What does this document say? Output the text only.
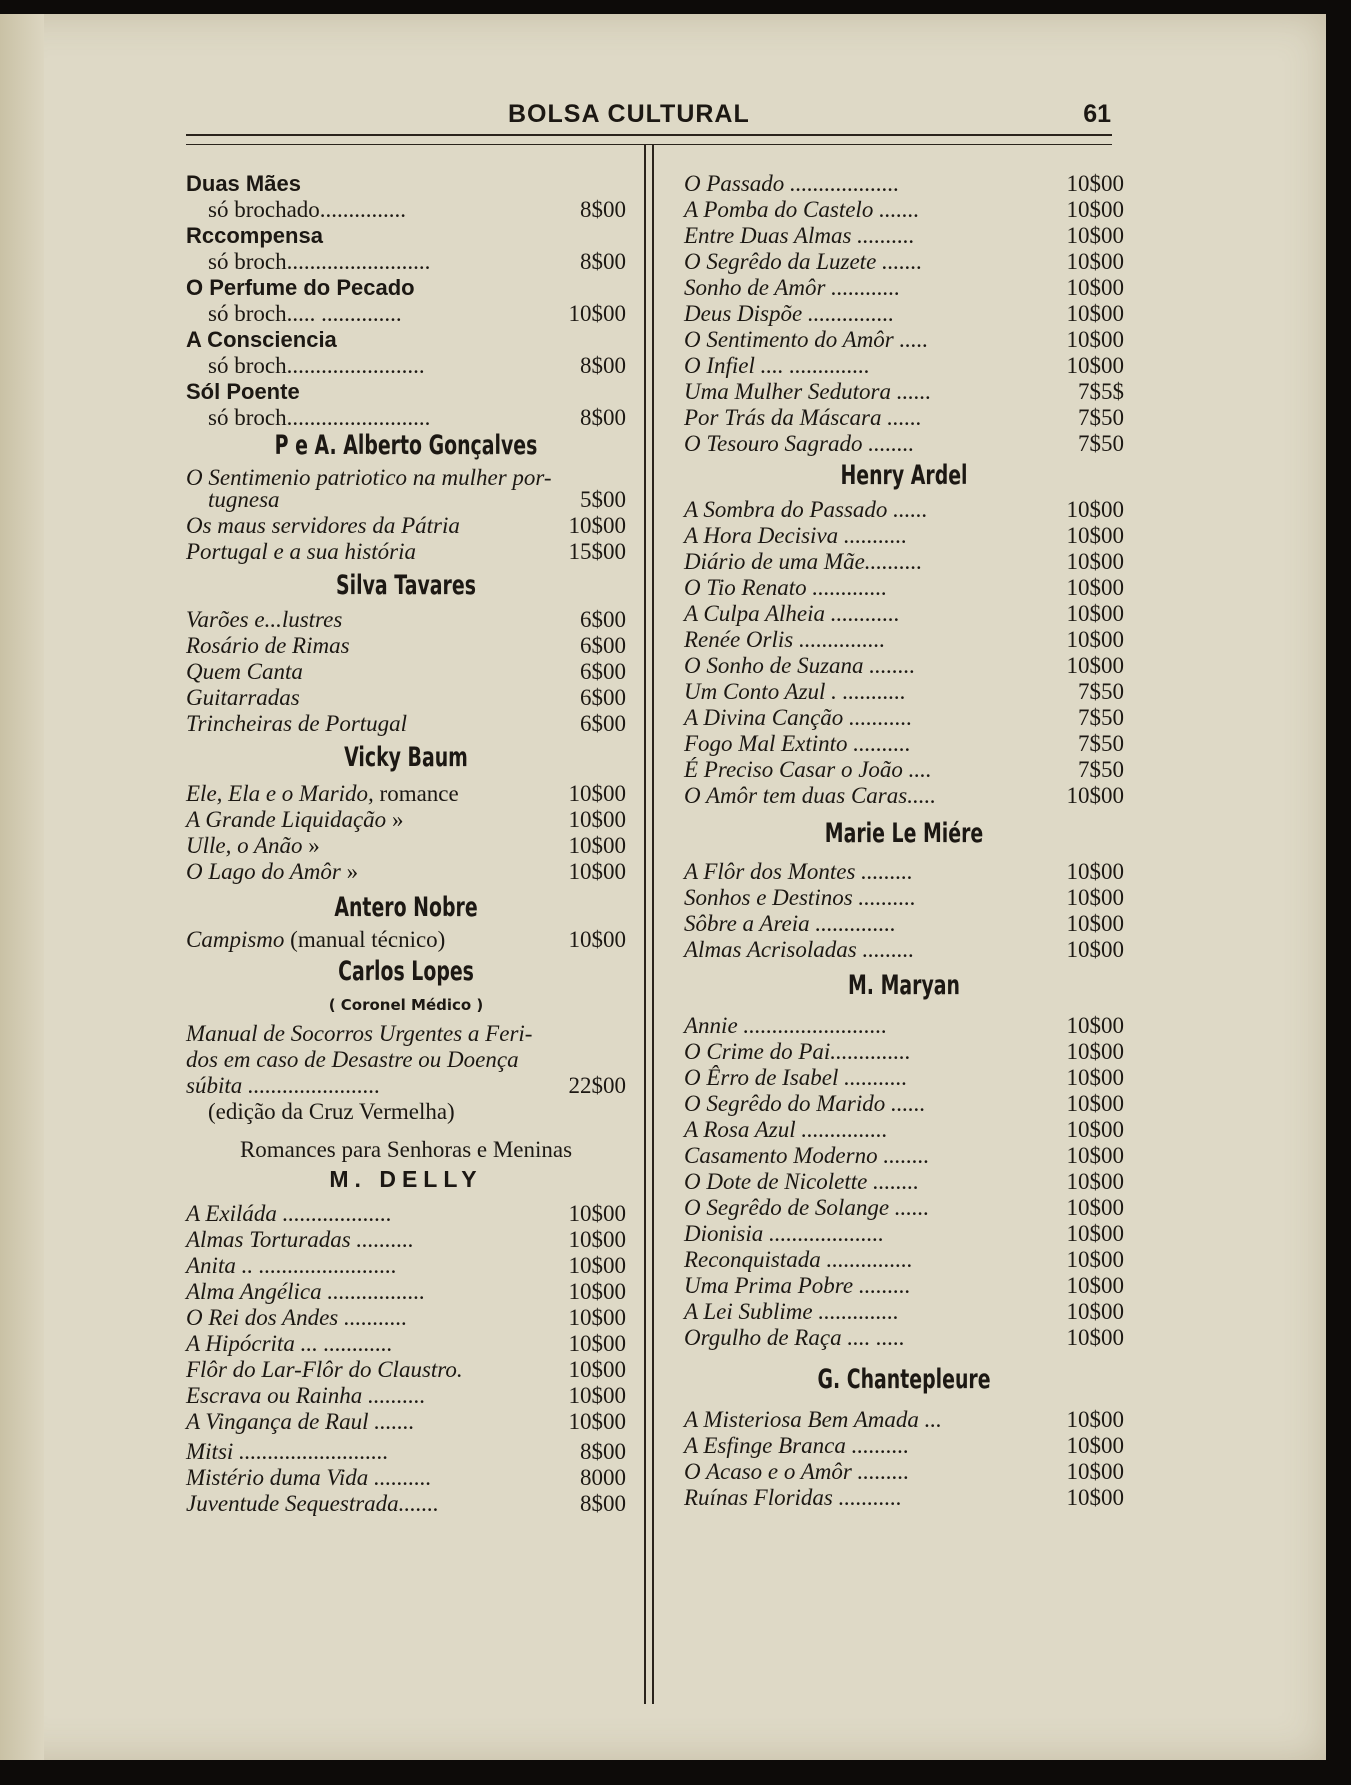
BOLSA CULTURAL	61
Duas Mães
só brochado...............	8$00
Rccompensa
só broch.........................	8$00
O Perfume do Pecado
só broch..... ..............	10$00
A Consciencia
só broch........................	8$00
Sól Poente
só broch.........................	8$00
P e A. Alberto Gonçalves
O Sentimenio patriotico na mulher por-
tugnesa	5$00
Os maus servidores da Pátria	10$00
Portugal e a sua história	15$00
Silva Tavares
Varões e...lustres	6$00
Rosário de Rimas	6$00
Quem Canta	6$00
Guitarradas	6$00
Trincheiras de Portugal	6$00
Vicky Baum
Ele, Ela e o Marido, romance	10$00
A Grande Liquidação »	10$00
Ulle, o Anão »	10$00
O Lago do Amôr »	10$00
Antero Nobre
Campismo (manual técnico)	10$00
Carlos Lopes
( Coronel Médico )
Manual de Socorros Urgentes a Feri-
dos em caso de Desastre ou Doença
súbita .......................	22$00
(edição da Cruz Vermelha)
Romances para Senhoras e Meninas
M. DELLY
A Exiláda ...................	10$00
Almas Torturadas ..........	10$00
Anita .. ........................	10$00
Alma Angélica .................	10$00
O Rei dos Andes ...........	10$00
A Hipócrita ... ............	10$00
Flôr do Lar-Flôr do Claustro.	10$00
Escrava ou Rainha ..........	10$00
A Vingança de Raul .......	10$00
Mitsi ..........................	8$00
Mistério duma Vida ..........	8000
Juventude Sequestrada.......	8$00
O Passado ...................	10$00
A Pomba do Castelo .......	10$00
Entre Duas Almas ..........	10$00
O Segrêdo da Luzete .......	10$00
Sonho de Amôr ............	10$00
Deus Dispõe ...............	10$00
O Sentimento do Amôr .....	10$00
O Infiel .... ..............	10$00
Uma Mulher Sedutora ......	7$5$
Por Trás da Máscara ......	7$50
O Tesouro Sagrado ........	7$50
Henry Ardel
A Sombra do Passado ......	10$00
A Hora Decisiva ...........	10$00
Diário de uma Mãe..........	10$00
O Tio Renato .............	10$00
A Culpa Alheia ............	10$00
Renée Orlis ...............	10$00
O Sonho de Suzana ........	10$00
Um Conto Azul . ...........	7$50
A Divina Canção ...........	7$50
Fogo Mal Extinto ..........	7$50
É Preciso Casar o João ....	7$50
O Amôr tem duas Caras.....	10$00
Marie Le Miére
A Flôr dos Montes .........	10$00
Sonhos e Destinos ..........	10$00
Sôbre a Areia ..............	10$00
Almas Acrisoladas .........	10$00
M. Maryan
Annie .........................	10$00
O Crime do Pai..............	10$00
O Êrro de Isabel ...........	10$00
O Segrêdo do Marido ......	10$00
A Rosa Azul ...............	10$00
Casamento Moderno ........	10$00
O Dote de Nicolette ........	10$00
O Segrêdo de Solange ......	10$00
Dionisia ....................	10$00
Reconquistada ...............	10$00
Uma Prima Pobre .........	10$00
A Lei Sublime ..............	10$00
Orgulho de Raça .... .....	10$00
G. Chantepleure
A Misteriosa Bem Amada ...	10$00
A Esfinge Branca ..........	10$00
O Acaso e o Amôr .........	10$00
Ruínas Floridas ...........	10$00
